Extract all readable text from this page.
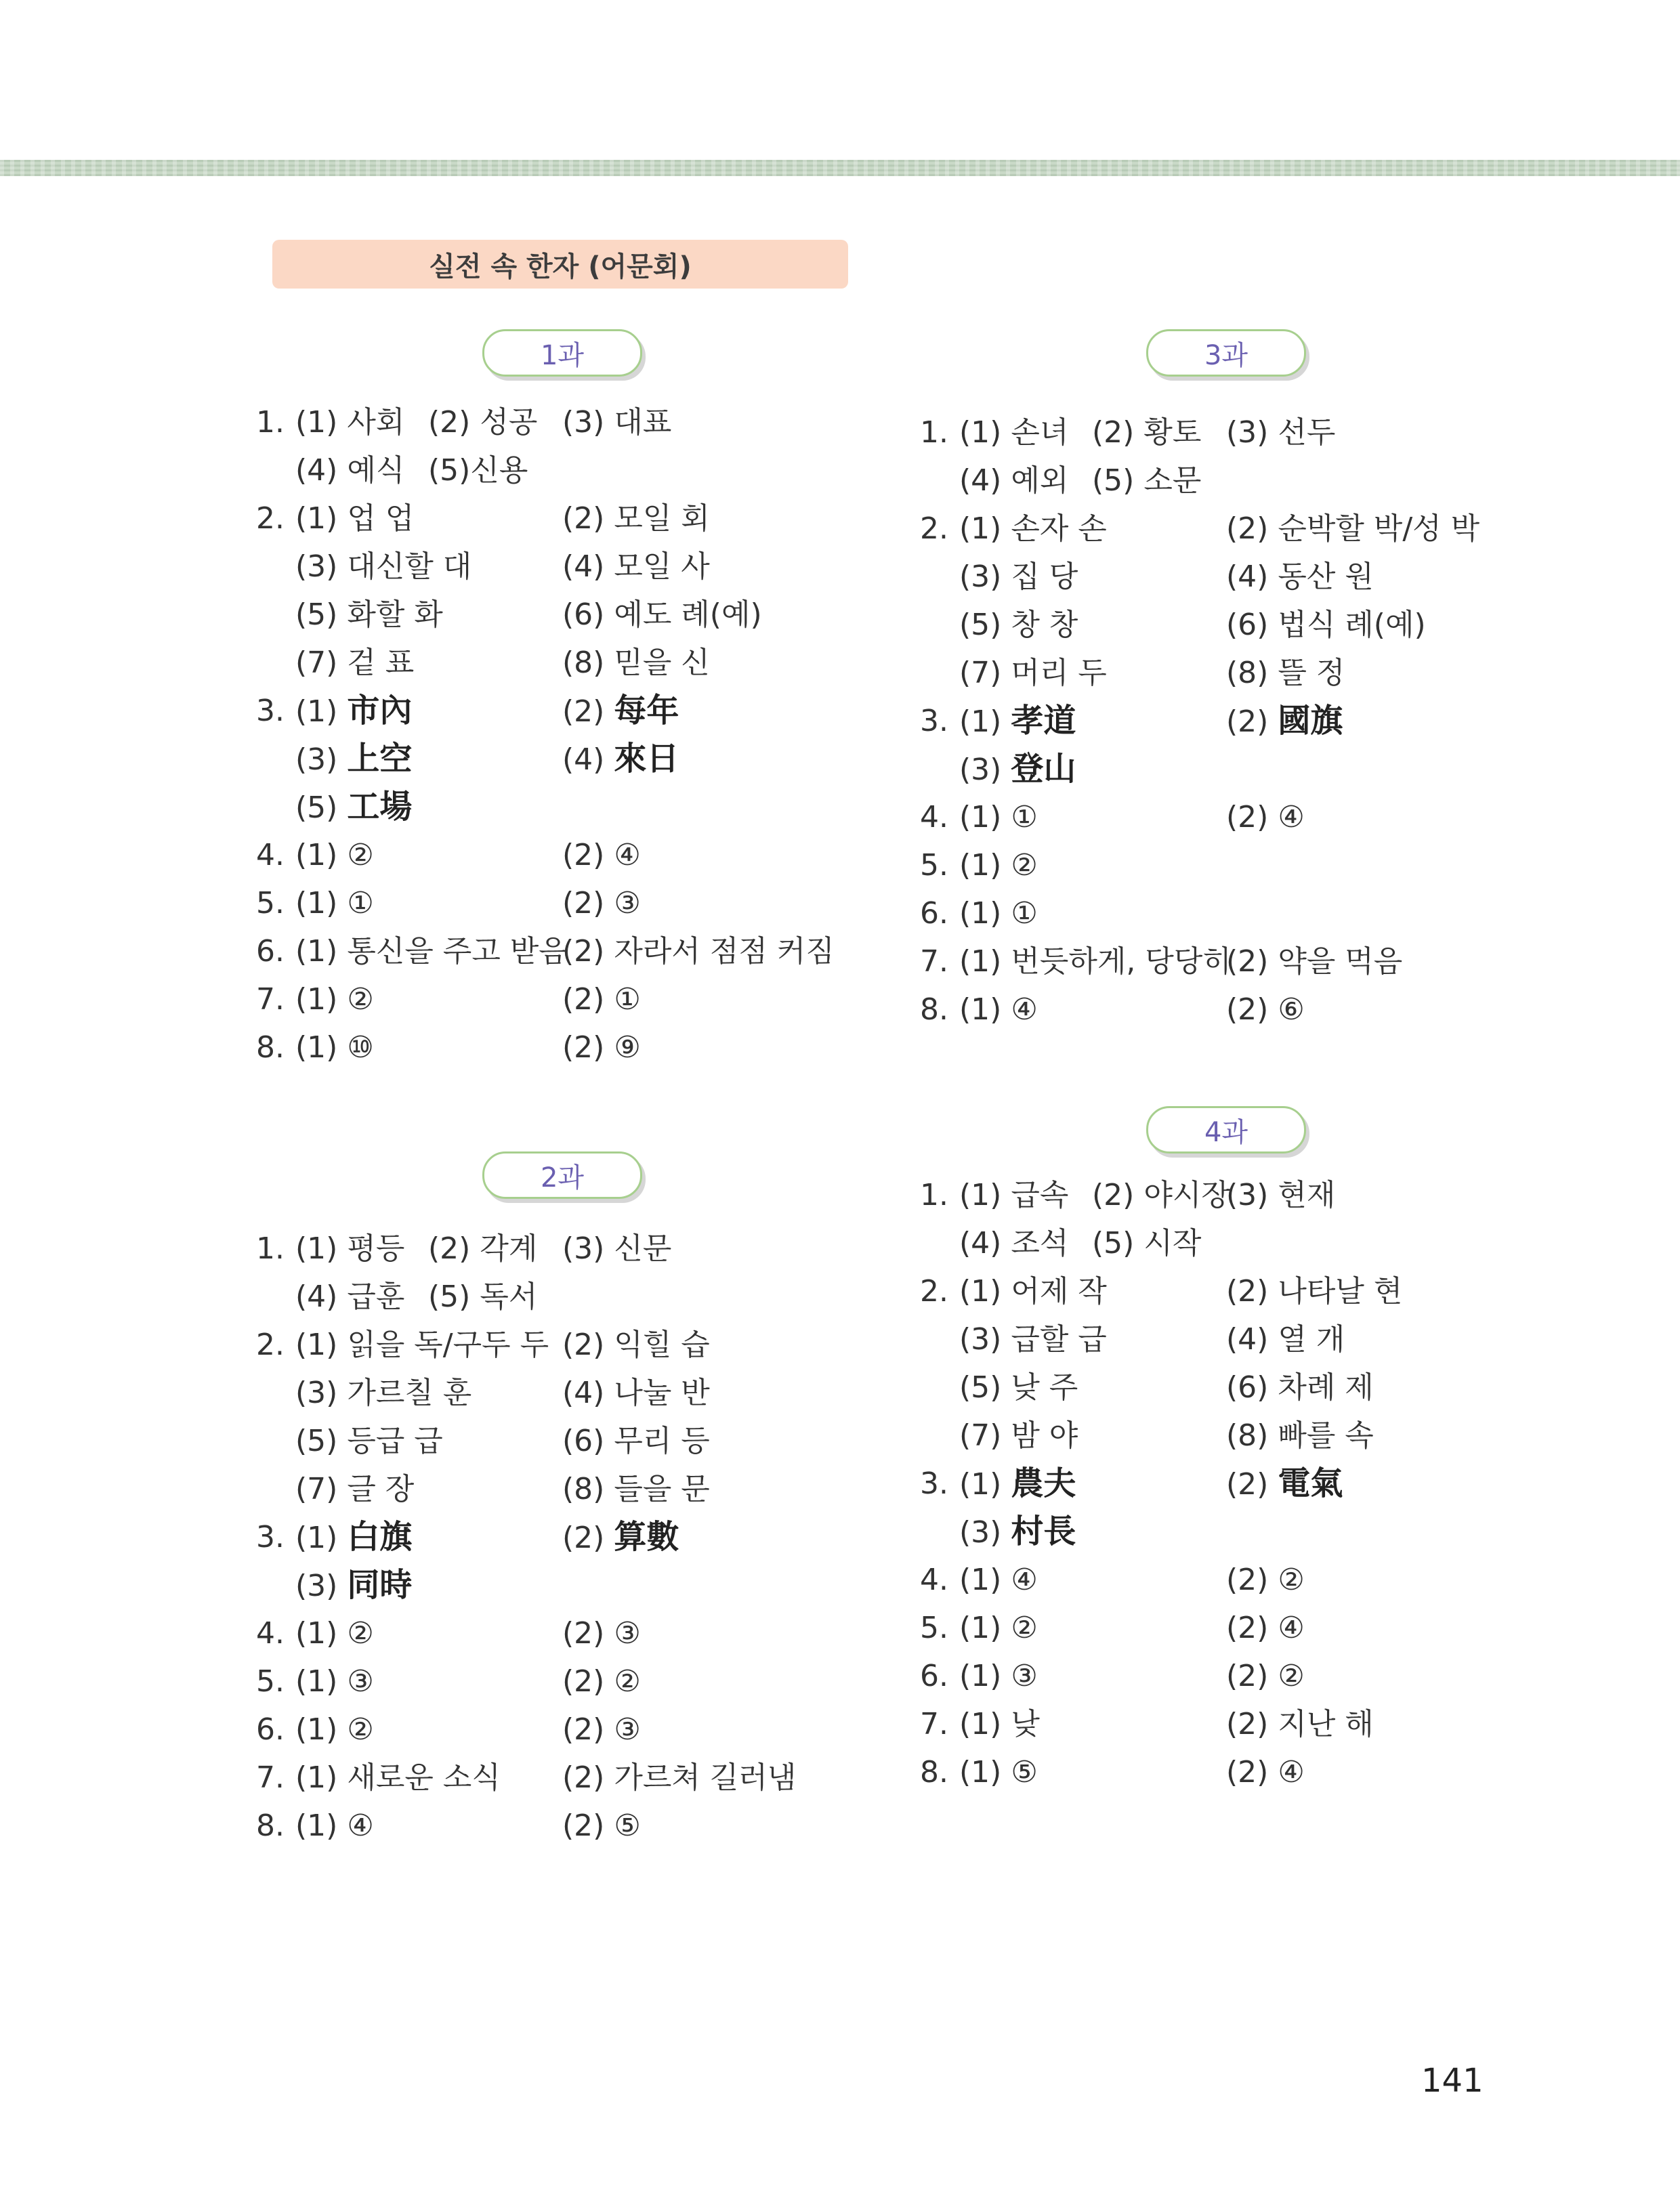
실전 속 한자 (어문회)
1과
1. (1) 사회 (2) 성공 (3) 대표
(4) 예식 (5)신용
2. (1) 업 업	(2) 모일 회
(3) 대신할 대	(4) 모일 사
(5) 화할 화	(6) 예도 례(예)
(7) 겉 표	(8) 믿을 신
3. (1) 市內	(2) 每年
(3) 上空	(4) 來日
(5) 工場
4. (1) ②	(2) ④
5. (1) ①	(2) ③
6. (1) 통신을 주고 받음
(2) 자라서 점점 커짐
7. (1) ②	(2) ①
8. (1) ⑩	(2) ⑨
2과
1. (1) 평등 (2) 각계 (3) 신문
(4) 급훈 (5) 독서
2. (1) 읽을 독/구두 두 (2) 익힐 습
(3) 가르칠 훈	(4) 나눌 반
(5) 등급 급	(6) 무리 등
(7) 글 장	(8) 들을 문
3. (1) 白旗	(2) 算數
(3) 同時
4. (1) ②	(2) ③
5. (1) ③	(2) ②
6. (1) ②	(2) ③
7. (1) 새로운 소식 (2) 가르쳐 길러냄
8. (1) ④	(2) ⑤
3과
1. (1) 손녀 (2) 황토 (3) 선두
(4) 예외 (5) 소문
2. (1) 손자 손	(2) 순박할 박/성 박
(3) 집 당	(4) 동산 원
(5) 창 창	(6) 법식 례(예)
(7) 머리 두	(8) 뜰 정
3. (1) 孝道	(2) 國旗
(3) 登山
4. (1) ①	(2) ④
5. (1) ②
6. (1) ①
7. (1) 번듯하게, 당당히
(2) 약을 먹음
8. (1) ④	(2) ⑥
4과
1. (1) 급속 (2) 야시장
(3) 현재
(4) 조석 (5) 시작
2. (1) 어제 작	(2) 나타날 현
(3) 급할 급	(4) 열 개
(5) 낮 주	(6) 차례 제
(7) 밤 야	(8) 빠를 속
3. (1) 農夫	(2) 電氣
(3) 村長
4. (1) ④	(2) ②
5. (1) ②	(2) ④
6. (1) ③	(2) ②
7. (1) 낮	(2) 지난 해
8. (1) ⑤	(2) ④
141
